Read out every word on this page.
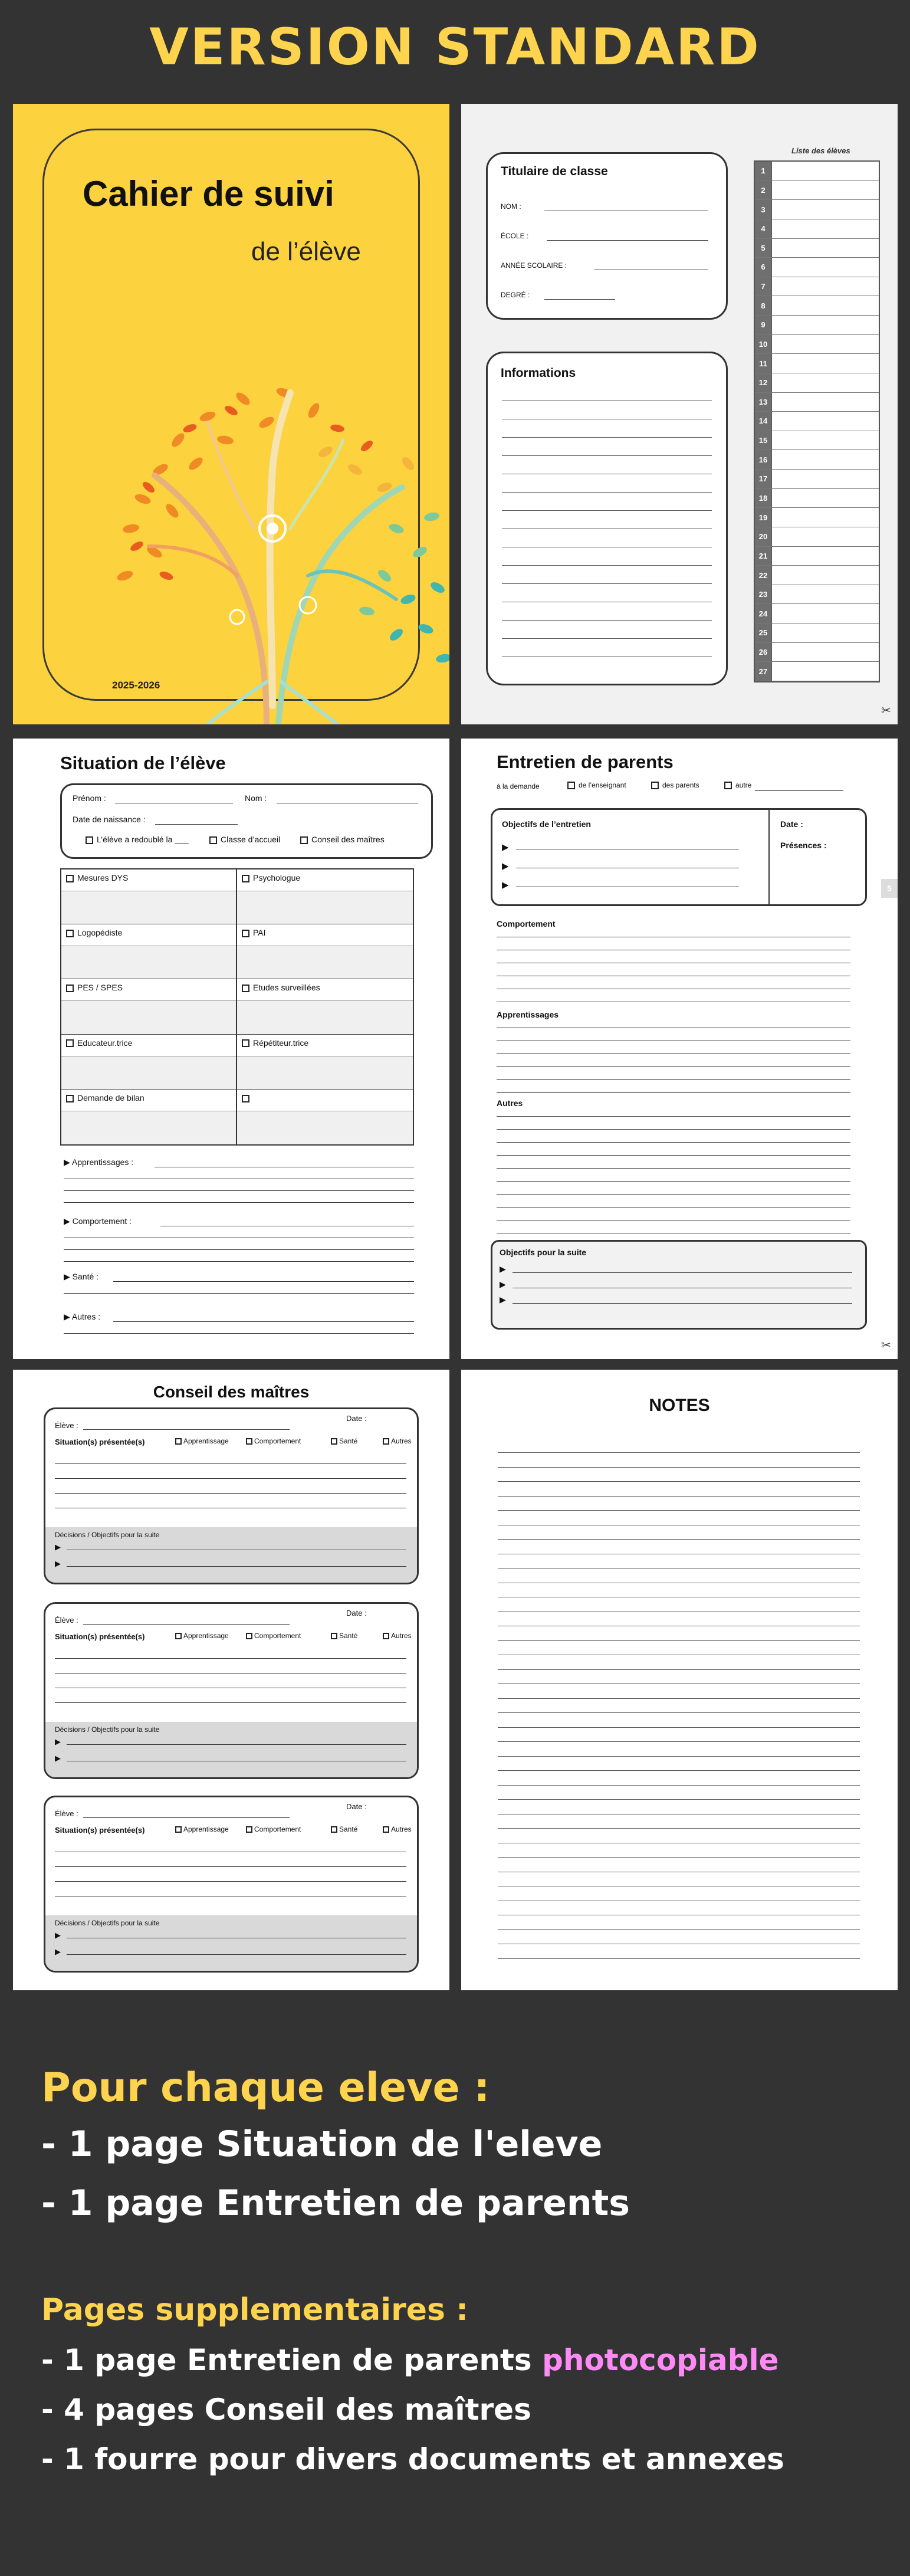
VERSION STANDARD
Cahier de suivi
de l’élève
2025-2026
Titulaire de classe
NOM :
ÉCOLE :
ANNÉE SCOLAIRE :
DEGRÉ :
Informations
Liste des élèves
1
2
3
4
5
6
7
8
9
10
11
12
13
14
15
16
17
18
19
20
21
22
23
24
25
26
27
✂
Situation de l’élève
Prénom :	Nom :
Date de naissance :
L’élève a redoublé la ___	Classe d’accueil	Conseil des maîtres
Mesures DYS	Psychologue
Logopédiste	PAI
PES / SPES	Etudes surveillées
Educateur.trice	Répétiteur.trice
Demande de bilan
▶ Apprentissages :
▶ Comportement :
▶ Santé :
▶ Autres :
Entretien de parents
à la demande	de l’enseignant	des parents	autre
Objectifs de l’entretien
▶
▶
▶
Date :
Présences :
Comportement
Apprentissages
Autres
Objectifs pour la suite
▶
▶
▶
5
✂
Conseil des maîtres
Élève :
Date :
Situation(s) présentée(s)	Apprentissage	Comportement	Santé	Autres
Décisions / Objectifs pour la suite
▶
▶
Élève :
Date :
Situation(s) présentée(s)	Apprentissage	Comportement	Santé	Autres
Décisions / Objectifs pour la suite
▶
▶
Élève :
Date :
Situation(s) présentée(s)	Apprentissage	Comportement	Santé	Autres
Décisions / Objectifs pour la suite
▶
▶
NOTES
Pour chaque eleve :
- 1 page Situation de l'eleve
- 1 page Entretien de parents
Pages supplementaires :
- 1 page Entretien de parents photocopiable
- 4 pages Conseil des maîtres
- 1 fourre pour divers documents et annexes
